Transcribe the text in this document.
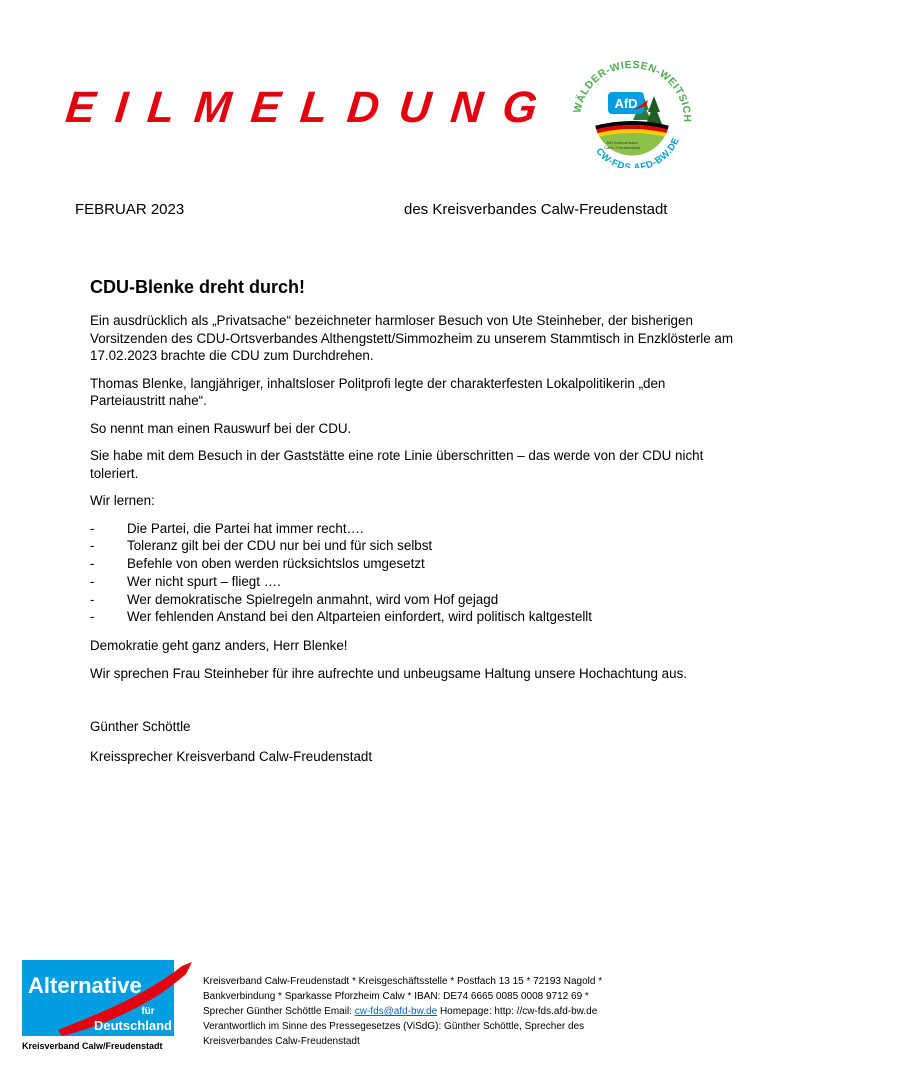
EILMELDUNG	WÄLDER-WIESEN-WEITSICH
CW-FDS.AFD-BW.DE
AfD
AfD Kreisverband
Calw / Freudenstadt
FEBRUAR 2023	des Kreisverbandes Calw-Freudenstadt
CDU-Blenke dreht durch!

Ein ausdrücklich als „Privatsache“ bezeichneter harmloser Besuch von Ute Steinheber, der bisherigen Vorsitzenden des CDU-Ortsverbandes Althengstett/Simmozheim zu unserem Stammtisch in Enzklösterle am 17.02.2023 brachte die CDU zum Durchdrehen.

Thomas Blenke, langjähriger, inhaltsloser Politprofi legte der charakterfesten Lokalpolitikerin „den Parteiaustritt nahe“.

So nennt man einen Rauswurf bei der CDU.

Sie habe mit dem Besuch in der Gaststätte eine rote Linie überschritten – das werde von der CDU nicht toleriert.

Wir lernen:

- Die Partei, die Partei hat immer recht….
- Toleranz gilt bei der CDU nur bei und für sich selbst
- Befehle von oben werden rücksichtslos umgesetzt
- Wer nicht spurt – fliegt ….
- Wer demokratische Spielregeln anmahnt, wird vom Hof gejagd
- Wer fehlenden Anstand bei den Altparteien einfordert, wird politisch kaltgestellt

Demokratie geht ganz anders, Herr Blenke!

Wir sprechen Frau Steinheber für ihre aufrechte und unbeugsame Haltung unsere Hochachtung aus.

Günther Schöttle

Kreissprecher Kreisverband Calw-Freudenstadt

Alternative
für
Deutschland
Kreisverband Calw/Freudenstadt
Kreisverband Calw-Freudenstadt * Kreisgeschäftsstelle * Postfach 13 15 * 72193 Nagold *
Bankverbindung * Sparkasse Pforzheim Calw * IBAN: DE74 6665 0085 0008 9712 69 *
Sprecher Günther Schöttle Email: cw-fds@afd-bw.de Homepage: http: //cw-fds.afd-bw.de
Verantwortlich im Sinne des Pressegesetzes (ViSdG): Günther Schöttle, Sprecher des
Kreisverbandes Calw-Freudenstadt
